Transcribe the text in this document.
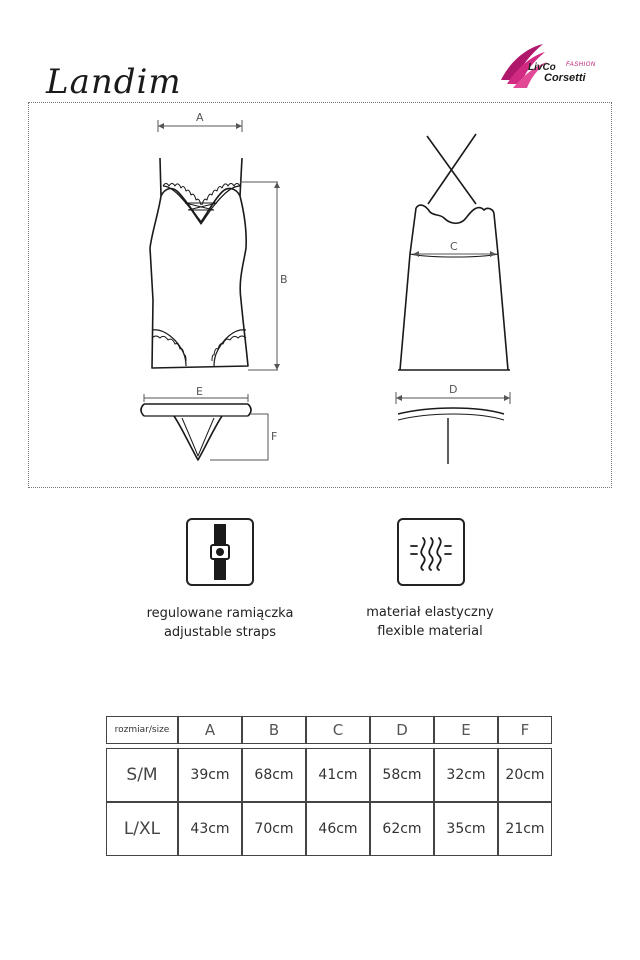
Landim	LivCo FASHION
Corsetti
A
B
C
D
E
F
regulowane ramiączka
adjustable straps
materiał elastyczny
flexible material
rozmiar/size	A	B	C	D	E	F

S/M	39cm	68cm	41cm	58cm	32cm	20cm
L/XL	43cm	70cm	46cm	62cm	35cm	21cm
